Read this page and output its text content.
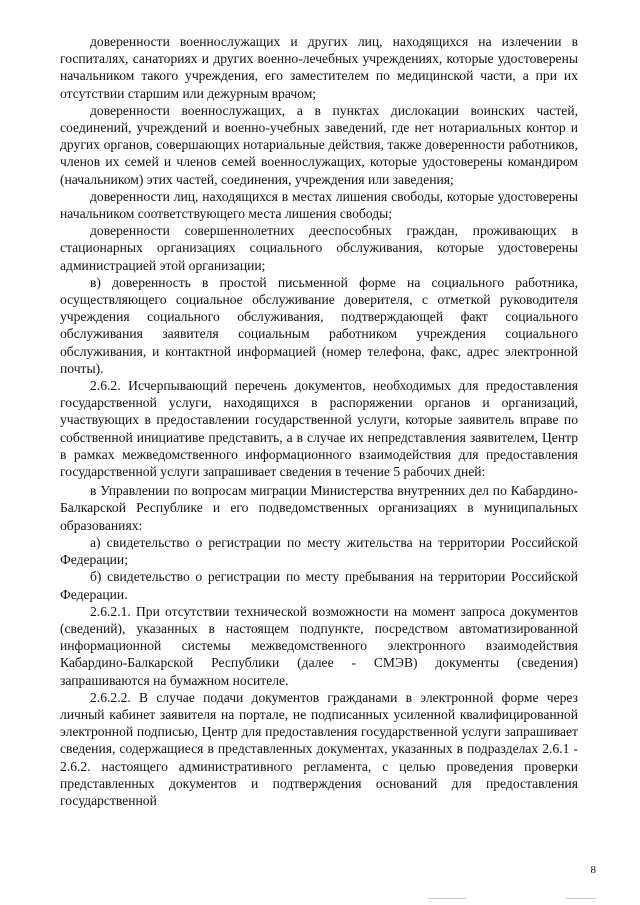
доверенности военнослужащих и других лиц, находящихся на излечении в госпиталях, санаториях и других военно-лечебных учреждениях, которые удостоверены начальником такого учреждения, его заместителем по медицинской части, а при их отсутствии старшим или дежурным врачом;

доверенности военнослужащих, а в пунктах дислокации воинских частей, соединений, учреждений и военно-учебных заведений, где нет нотариальных контор и других органов, совершающих нотариальные действия, также доверенности работников, членов их семей и членов семей военнослужащих, которые удостоверены командиром (начальником) этих частей, соединения, учреждения или заведения;

доверенности лиц, находящихся в местах лишения свободы, которые удостоверены начальником соответствующего места лишения свободы;

доверенности совершеннолетних дееспособных граждан, проживающих в стационарных организациях социального обслуживания, которые удостоверены администрацией этой организации;

в) доверенность в простой письменной форме на социального работника, осуществляющего социальное обслуживание доверителя, с отметкой руководителя учреждения социального обслуживания, подтверждающей факт социального обслуживания заявителя социальным работником учреждения социального обслуживания, и контактной информацией (номер телефона, факс, адрес электронной почты).

2.6.2. Исчерпывающий перечень документов, необходимых для предоставления государственной услуги, находящихся в распоряжении органов и организаций, участвующих в предоставлении государственной услуги, которые заявитель вправе по собственной инициативе представить, а в случае их непредставления заявителем, Центр в рамках межведомственного информационного взаимодействия для предоставления государственной услуги запрашивает сведения в течение 5 рабочих дней:

в Управлении по вопросам миграции Министерства внутренних дел по Кабардино-Балкарской Республике и его подведомственных организациях в муниципальных образованиях:

а) свидетельство о регистрации по месту жительства на территории Российской Федерации;

б) свидетельство о регистрации по месту пребывания на территории Российской Федерации.

2.6.2.1. При отсутствии технической возможности на момент запроса документов (сведений), указанных в настоящем подпункте, посредством автоматизированной информационной системы межведомственного электронного взаимодействия Кабардино-Балкарской Республики (далее - СМЭВ) документы (сведения) запрашиваются на бумажном носителе.

2.6.2.2. В случае подачи документов гражданами в электронной форме через личный кабинет заявителя на портале, не подписанных усиленной квалифицированной электронной подписью, Центр для предоставления государственной услуги запрашивает сведения, содержащиеся в представленных документах, указанных в подразделах 2.6.1 - 2.6.2. настоящего административного регламента, с целью проведения проверки представленных документов и подтверждения оснований для предоставления государственной

8
